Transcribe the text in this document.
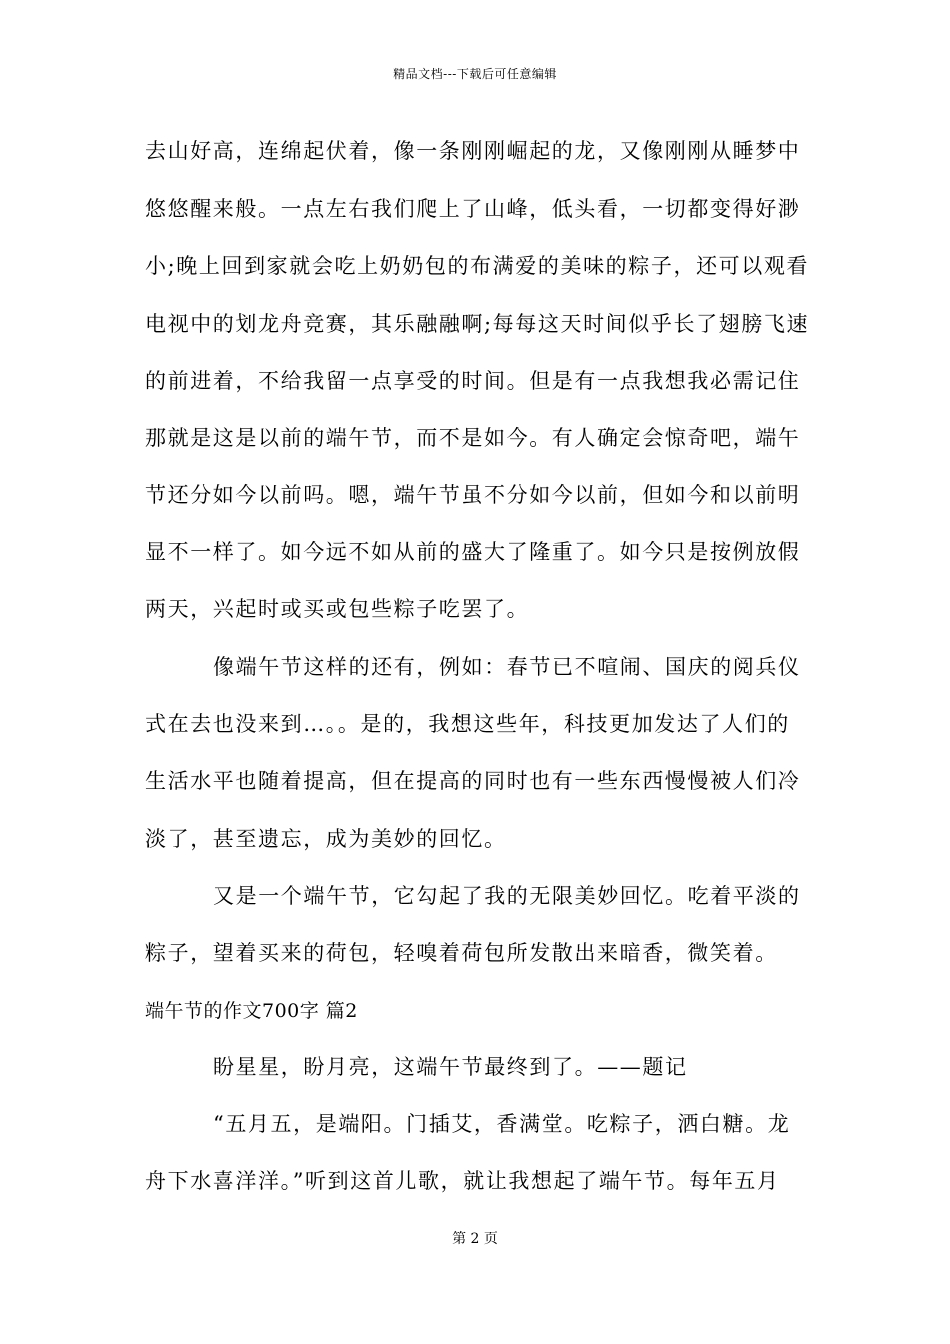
精品文档---下载后可任意编辑
去山好高，连绵起伏着，像一条刚刚崛起的龙，又像刚刚从睡梦中
悠悠醒来般。一点左右我们爬上了山峰，低头看，一切都变得好渺
小;晚上回到家就会吃上奶奶包的布满爱的美味的粽子，还可以观看
电视中的划龙舟竞赛，其乐融融啊;每每这天时间似乎长了翅膀飞速
的前进着，不给我留一点享受的时间。但是有一点我想我必需记住
那就是这是以前的端午节，而不是如今。有人确定会惊奇吧，端午
节还分如今以前吗。嗯，端午节虽不分如今以前，但如今和以前明
显不一样了。如今远不如从前的盛大了隆重了。如今只是按例放假
两天，兴起时或买或包些粽子吃罢了。
像端午节这样的还有，例如：春节已不喧闹、国庆的阅兵仪
式在去也没来到…。。是的，我想这些年，科技更加发达了人们的
生活水平也随着提高，但在提高的同时也有一些东西慢慢被人们冷
淡了，甚至遗忘，成为美妙的回忆。
又是一个端午节，它勾起了我的无限美妙回忆。吃着平淡的
粽子，望着买来的荷包，轻嗅着荷包所发散出来暗香，微笑着。
端午节的作文700字 篇2
盼星星，盼月亮，这端午节最终到了。——题记
“五月五，是端阳。门插艾，香满堂。吃粽子，洒白糖。龙
舟下水喜洋洋。”听到这首儿歌，就让我想起了端午节。每年五月
第 2 页
